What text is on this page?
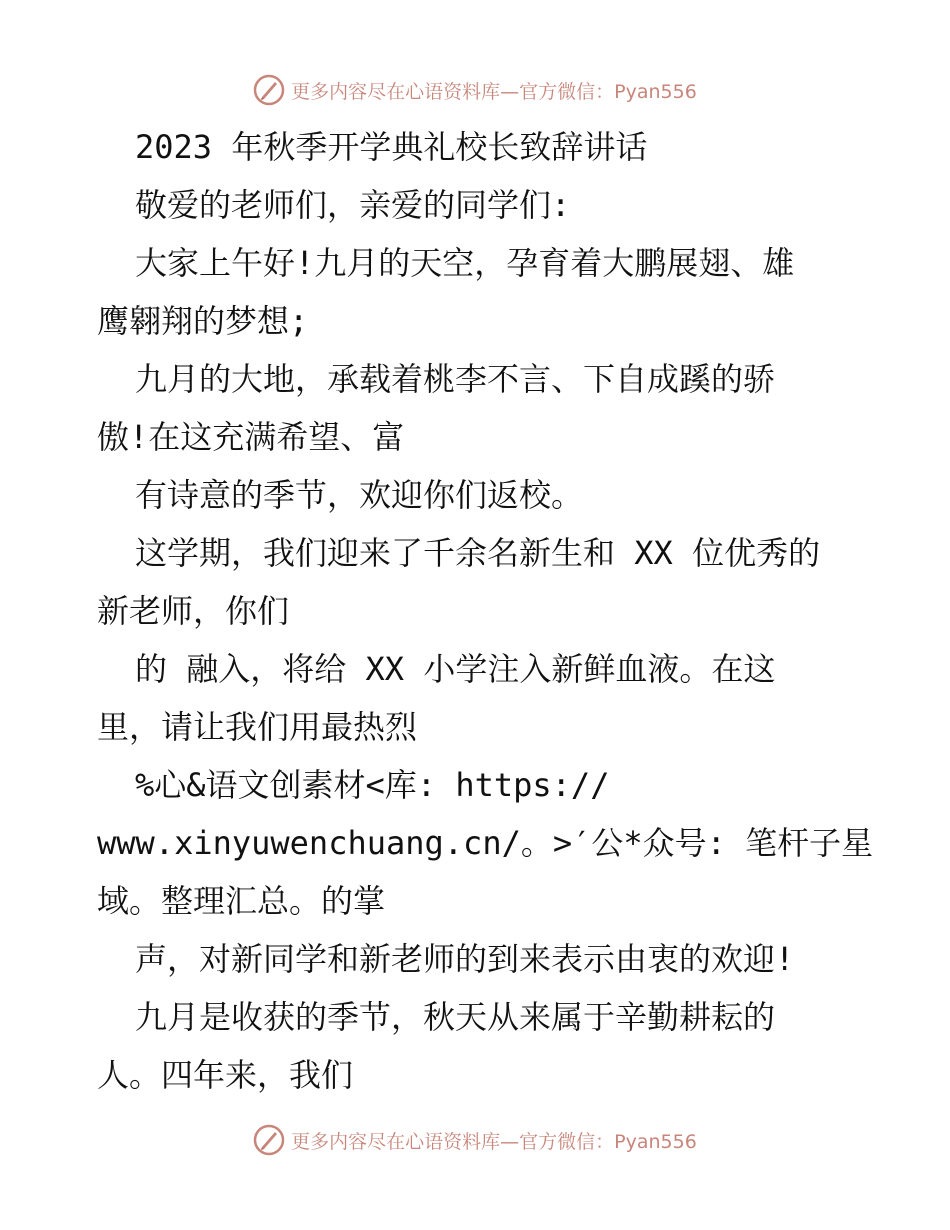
更多内容尽在心语资料库—官方微信：Pyan556
2023 年秋季开学典礼校长致辞讲话
敬爱的老师们，亲爱的同学们:
大家上午好!九月的天空，孕育着大鹏展翅、雄
鹰翱翔的梦想;
九月的大地，承载着桃李不言、下自成蹊的骄
傲!在这充满希望、富
有诗意的季节，欢迎你们返校。
这学期，我们迎来了千余名新生和 XX 位优秀的
新老师，你们
的 融入，将给 XX 小学注入新鲜血液。在这
里，请让我们用最热烈
%心&语文创素材<库: https://
www.xinyuwenchuang.cn/。>′公*众号: 笔杆子星
域。整理汇总。的掌
声，对新同学和新老师的到来表示由衷的欢迎!
九月是收获的季节，秋天从来属于辛勤耕耘的
人。四年来，我们
更多内容尽在心语资料库—官方微信：Pyan556
